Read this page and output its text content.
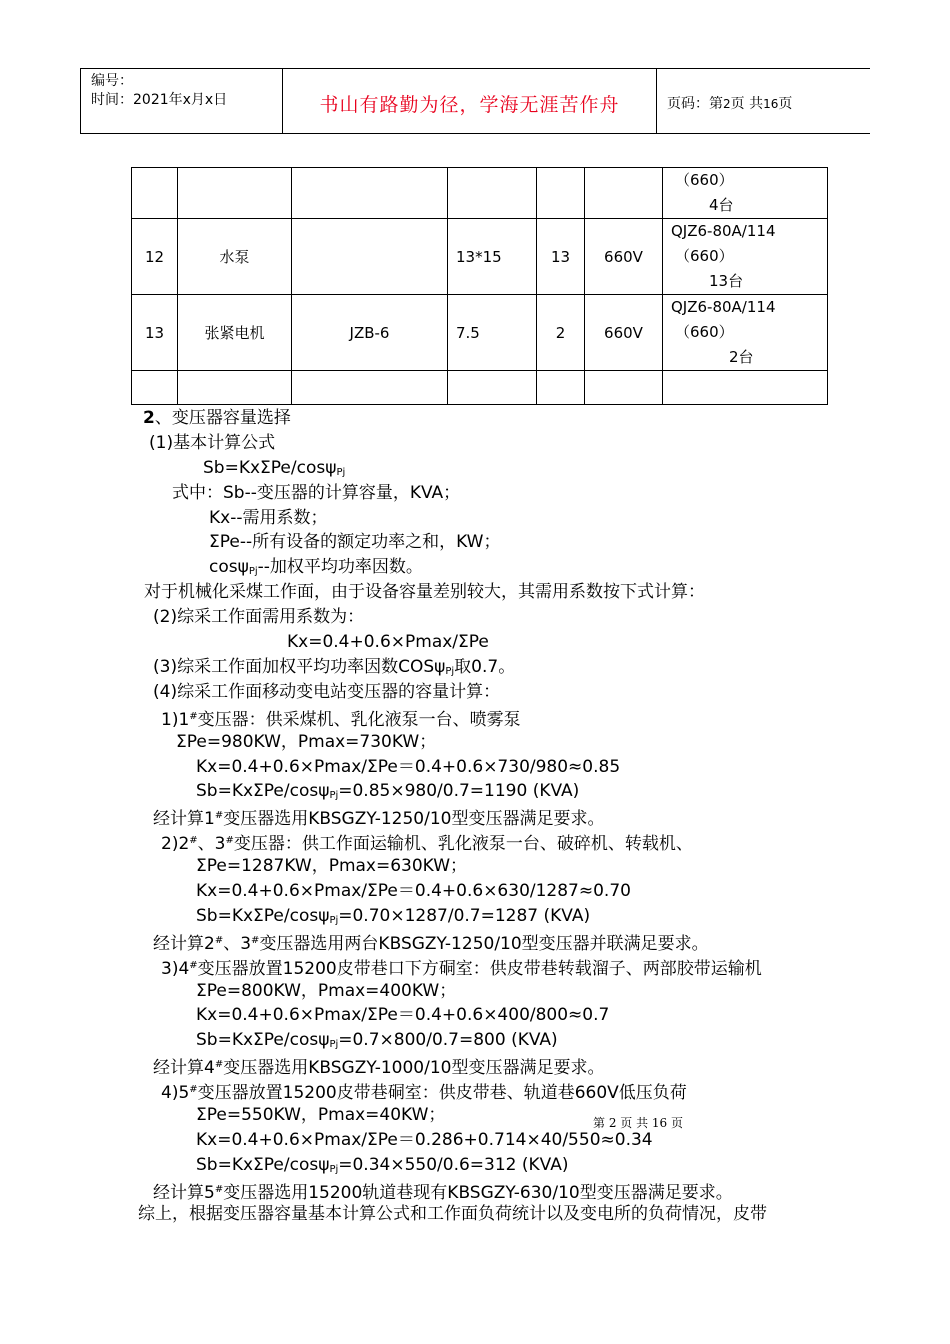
编号：
时间：2021年x月x日	书山有路勤为径，学海无涯苦作舟	页码：第2页 共16页

						（660）
4台

12	水泵		13*15	13	660V	QJZ6-80A/114
（660）
13台

13	张紧电机	JZB-6	7.5	2	660V	QJZ6-80A/114
（660）
2台

2、变压器容量选择
(1)基本计算公式
Sb=KxΣPe/cosψ$_{Pj}$
式中：Sb--变压器的计算容量，KVA；
Kx--需用系数；
ΣPe--所有设备的额定功率之和，KW；
cosψ$_{Pj}$--加权平均功率因数。
对于机械化采煤工作面，由于设备容量差别较大，其需用系数按下式计算：
(2)综采工作面需用系数为：
Kx=0.4+0.6×Pmax/ΣPe
(3)综采工作面加权平均功率因数COSψ$_{Pj}$取0.7。
(4)综采工作面移动变电站变压器的容量计算：
1)1#变压器：供采煤机、乳化液泵一台、喷雾泵
ΣPe=980KW，Pmax=730KW；
Kx=0.4+0.6×Pmax/ΣPe＝0.4+0.6×730/980≈0.85
Sb=KxΣPe/cosψ$_{Pj}$=0.85×980/0.7=1190 (KVA)
经计算1#变压器选用KBSGZY-1250/10型变压器满足要求。
2)2#、3#变压器：供工作面运输机、乳化液泵一台、破碎机、转载机、
ΣPe=1287KW，Pmax=630KW；
Kx=0.4+0.6×Pmax/ΣPe＝0.4+0.6×630/1287≈0.70
Sb=KxΣPe/cosψ$_{Pj}$=0.70×1287/0.7=1287 (KVA)
经计算2#、3#变压器选用两台KBSGZY-1250/10型变压器并联满足要求。
3)4#变压器放置15200皮带巷口下方硐室：供皮带巷转载溜子、两部胶带运输机
ΣPe=800KW，Pmax=400KW；
Kx=0.4+0.6×Pmax/ΣPe＝0.4+0.6×400/800≈0.7
Sb=KxΣPe/cosψ$_{Pj}$=0.7×800/0.7=800 (KVA)
经计算4#变压器选用KBSGZY-1000/10型变压器满足要求。
4)5#变压器放置15200皮带巷硐室：供皮带巷、轨道巷660V低压负荷
ΣPe=550KW，Pmax=40KW；
Kx=0.4+0.6×Pmax/ΣPe＝0.286+0.714×40/550≈0.34
Sb=KxΣPe/cosψ$_{Pj}$=0.34×550/0.6=312 (KVA)
经计算5#变压器选用15200轨道巷现有KBSGZY-630/10型变压器满足要求。
综上，根据变压器容量基本计算公式和工作面负荷统计以及变电所的负荷情况，皮带
第 2 页 共 16 页
